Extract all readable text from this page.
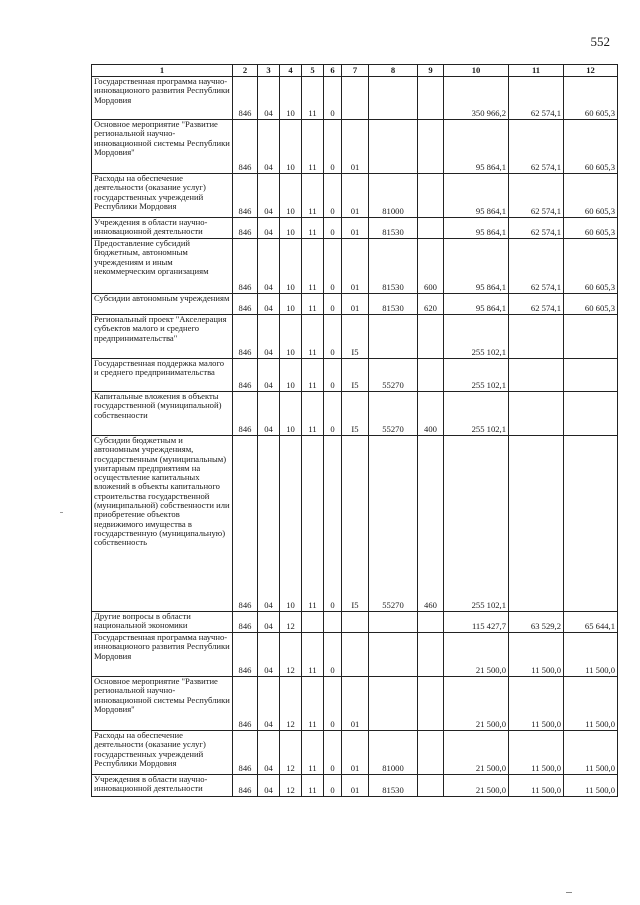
552
1	2	3	4	5	6	7	8	9	10	11	12
Государственная программа научно-инновационого развития Республики Мордовия	846	04	10	11	0				350 966,2	62 574,1	60 605,3
Основное мероприятие "Развитие региональной научно-инновационной системы Республики Мордовия"	846	04	10	11	0	01			95 864,1	62 574,1	60 605,3
Расходы на обеспечение деятельности (оказание услуг) государственных учреждений Республики Мордовия	846	04	10	11	0	01	81000		95 864,1	62 574,1	60 605,3
Учреждения в области научно-инновационной деятельности	846	04	10	11	0	01	81530		95 864,1	62 574,1	60 605,3
Предоставление субсидий бюджетным, автономным учреждениям и иным некоммерческим организациям	846	04	10	11	0	01	81530	600	95 864,1	62 574,1	60 605,3
Субсидии автономным учреждениям	846	04	10	11	0	01	81530	620	95 864,1	62 574,1	60 605,3
Региональный проект "Акселерация субъектов малого и среднего предпринимательства"	846	04	10	11	0	I5			255 102,1		
Государственная поддержка малого и среднего предпринимательства	846	04	10	11	0	I5	55270		255 102,1		
Капитальные вложения в объекты государственной (муниципальной) собственности	846	04	10	11	0	I5	55270	400	255 102,1		
Субсидии бюджетным и автономным учреждениям, государственным (муниципальным) унитарным предприятиям на осуществление капитальных вложений в объекты капитального строительства государственной (муниципальной) собственности или приобретение объектов недвижимого имущества в государственную (муниципальную) собственность	846	04	10	11	0	I5	55270	460	255 102,1		
Другие вопросы в области национальной экономики	846	04	12						115 427,7	63 529,2	65 644,1
Государственная программа научно-инновационого развития Республики Мордовия	846	04	12	11	0				21 500,0	11 500,0	11 500,0
Основное мероприятие "Развитие региональной научно-инновационной системы Республики Мордовия"	846	04	12	11	0	01			21 500,0	11 500,0	11 500,0
Расходы на обеспечение деятельности (оказание услуг) государственных учреждений Республики Мордовия	846	04	12	11	0	01	81000		21 500,0	11 500,0	11 500,0
Учреждения в области научно-инновационной деятельности	846	04	12	11	0	01	81530		21 500,0	11 500,0	11 500,0
